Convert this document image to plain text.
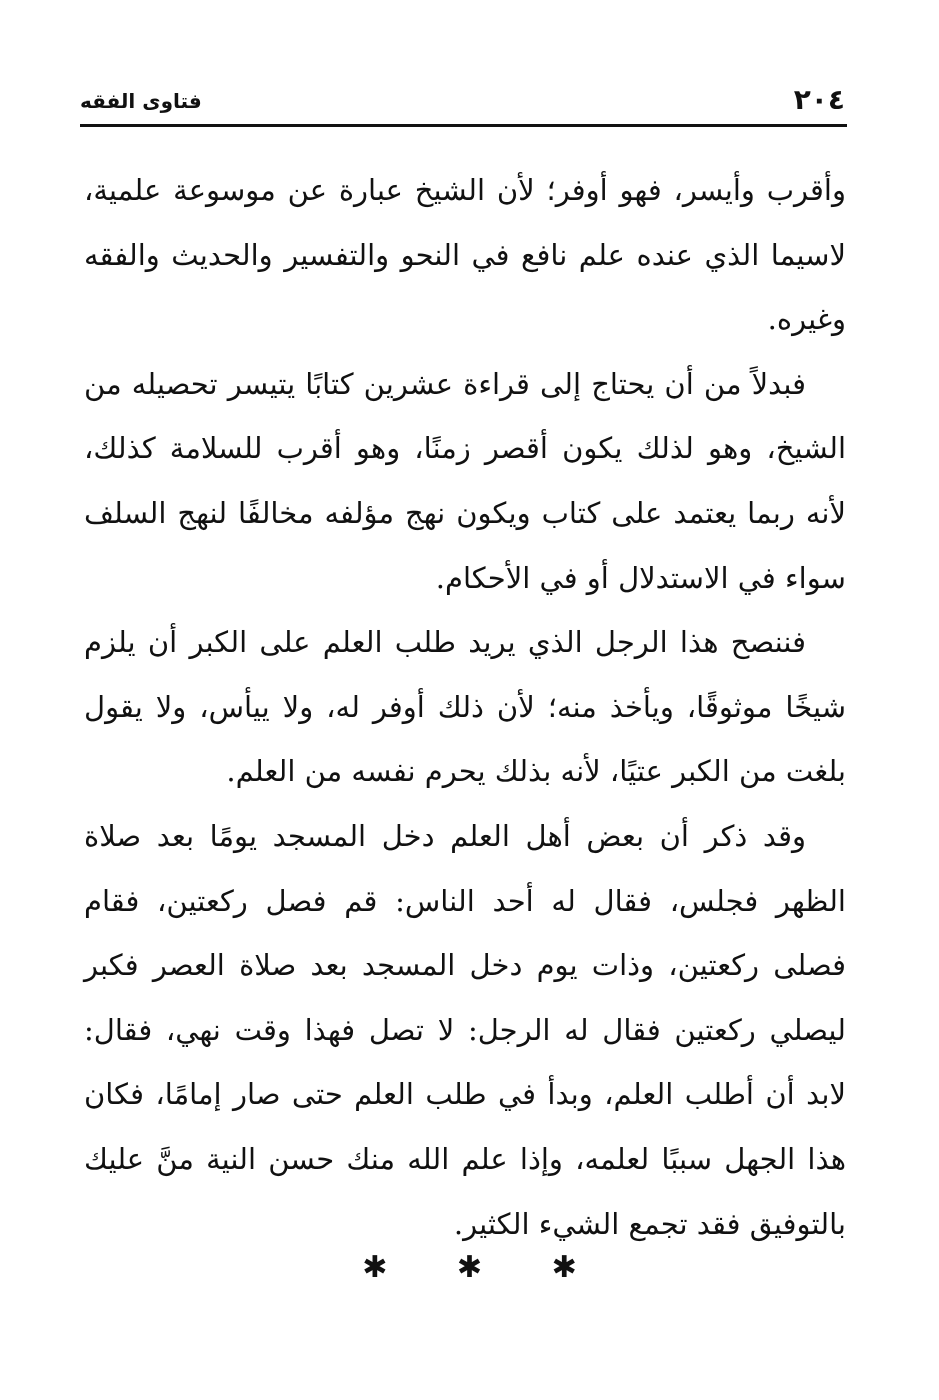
٢٠٤
فتاوى الفقه

وأقرب وأيسر، فهو أوفر؛ لأن الشيخ عبارة عن موسوعة علمية، لاسيما الذي عنده علم نافع في النحو والتفسير والحديث والفقه وغيره.

فبدلاً من أن يحتاج إلى قراءة عشرين كتابًا يتيسر تحصيله من الشيخ، وهو لذلك يكون أقصر زمنًا، وهو أقرب للسلامة كذلك، لأنه ربما يعتمد على كتاب ويكون نهج مؤلفه مخالفًا لنهج السلف سواء في الاستدلال أو في الأحكام.

فننصح هذا الرجل الذي يريد طلب العلم على الكبر أن يلزم شيخًا موثوقًا، ويأخذ منه؛ لأن ذلك أوفر له، ولا ييأس، ولا يقول بلغت من الكبر عتيًا، لأنه بذلك يحرم نفسه من العلم.

وقد ذكر أن بعض أهل العلم دخل المسجد يومًا بعد صلاة الظهر فجلس، فقال له أحد الناس: قم فصل ركعتين، فقام فصلى ركعتين، وذات يوم دخل المسجد بعد صلاة العصر فكبر ليصلي ركعتين فقال له الرجل: لا تصل فهذا وقت نهي، فقال: لابد أن أطلب العلم، وبدأ في طلب العلم حتى صار إمامًا، فكان هذا الجهل سببًا لعلمه، وإذا علم الله منك حسن النية منَّ عليك بالتوفيق فقد تجمع الشيء الكثير.

✱ ✱ ✱
